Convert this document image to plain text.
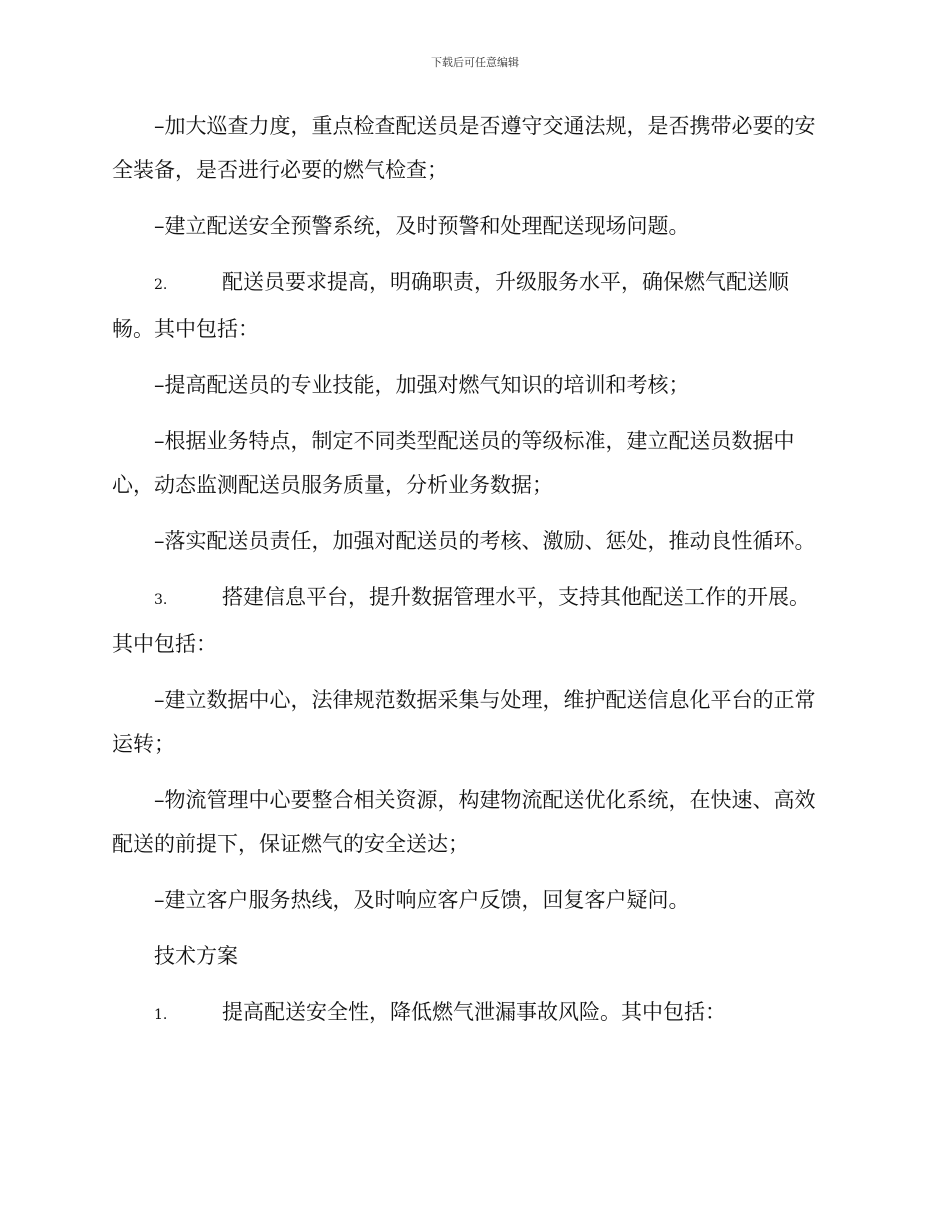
下载后可任意编辑

–加大巡查力度，重点检查配送员是否遵守交通法规，是否携带必要的安全装备，是否进行必要的燃气检查；

–建立配送安全预警系统，及时预警和处理配送现场问题。

2.	配送员要求提高，明确职责，升级服务水平，确保燃气配送顺畅。其中包括：

–提高配送员的专业技能，加强对燃气知识的培训和考核；

–根据业务特点，制定不同类型配送员的等级标准，建立配送员数据中心，动态监测配送员服务质量，分析业务数据；

–落实配送员责任，加强对配送员的考核、激励、惩处，推动良性循环。

3.	搭建信息平台，提升数据管理水平，支持其他配送工作的开展。其中包括：

–建立数据中心，法律规范数据采集与处理，维护配送信息化平台的正常运转；

–物流管理中心要整合相关资源，构建物流配送优化系统，在快速、高效配送的前提下，保证燃气的安全送达；

–建立客户服务热线，及时响应客户反馈，回复客户疑问。

技术方案

1.	提高配送安全性，降低燃气泄漏事故风险。其中包括：
